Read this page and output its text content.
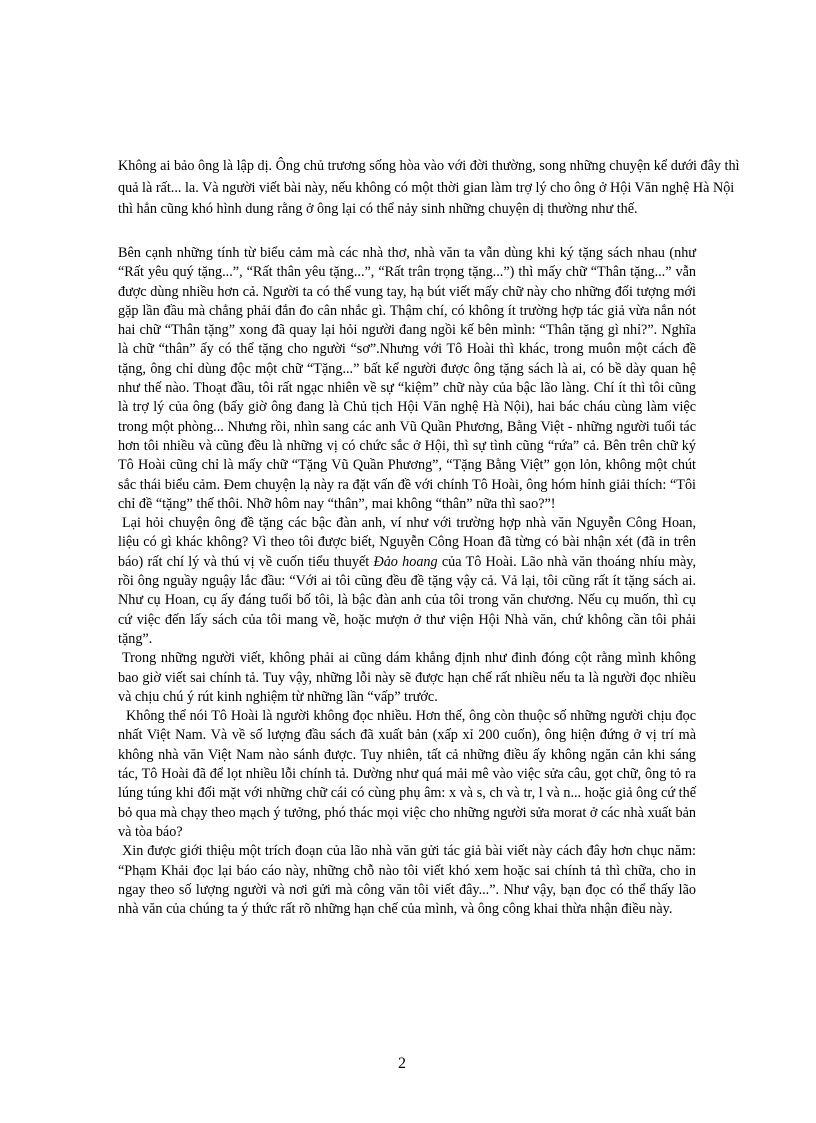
Không ai bảo ông là lập dị. Ông chủ trương sống hòa vào với đời thường, song những chuyện kể dưới đây thì
quả là rất... la. Và người viết bài này, nếu không có một thời gian làm trợ lý cho ông ở Hội Văn nghệ Hà Nội
thì hẳn cũng khó hình dung rằng ở ông lại có thể nảy sinh những chuyện dị thường như thế.

Bên cạnh những tính từ biểu cảm mà các nhà thơ, nhà văn ta vẫn dùng khi ký tặng sách nhau (như “Rất yêu quý tặng...”, “Rất thân yêu tặng...”, “Rất trân trọng tặng...”) thì mấy chữ “Thân tặng...” vẫn được dùng nhiều hơn cả. Người ta có thể vung tay, hạ bút viết mấy chữ này cho những đối tượng mới gặp lần đầu mà chẳng phải đắn đo cân nhắc gì. Thậm chí, có không ít trường hợp tác giả vừa nắn nót hai chữ “Thân tặng” xong đã quay lại hỏi người đang ngồi kế bên mình: “Thân tặng gì nhỉ?”. Nghĩa là chữ “thân” ấy có thể tặng cho người “sơ”.Nhưng với Tô Hoài thì khác, trong muôn một cách đề tặng, ông chỉ dùng độc một chữ “Tặng...” bất kể người được ông tặng sách là ai, có bề dày quan hệ như thế nào. Thoạt đầu, tôi rất ngạc nhiên về sự “kiệm” chữ này của bậc lão làng. Chí ít thì tôi cũng là trợ lý của ông (bấy giờ ông đang là Chủ tịch Hội Văn nghệ Hà Nội), hai bác cháu cùng làm việc trong một phòng... Nhưng rồi, nhìn sang các anh Vũ Quần Phương, Bằng Việt - những người tuổi tác hơn tôi nhiều và cũng đều là những vị có chức sắc ở Hội, thì sự tình cũng “rứa” cả. Bên trên chữ ký Tô Hoài cũng chỉ là mấy chữ “Tặng Vũ Quần Phương”, “Tặng Bằng Việt” gọn lỏn, không một chút sắc thái biểu cảm. Đem chuyện lạ này ra đặt vấn đề với chính Tô Hoài, ông hóm hỉnh giải thích: “Tôi chỉ đề “tặng” thế thôi. Nhỡ hôm nay “thân”, mai không “thân” nữa thì sao?”!

Lại hỏi chuyện ông đề tặng các bậc đàn anh, ví như với trường hợp nhà văn Nguyễn Công Hoan, liệu có gì khác không? Vì theo tôi được biết, Nguyễn Công Hoan đã từng có bài nhận xét (đã in trên báo) rất chí lý và thú vị về cuốn tiểu thuyết Đảo hoang của Tô Hoài. Lão nhà văn thoáng nhíu mày, rồi ông nguầy nguậy lắc đầu: “Với ai tôi cũng đều đề tặng vậy cả. Vả lại, tôi cũng rất ít tặng sách ai. Như cụ Hoan, cụ ấy đáng tuổi bố tôi, là bậc đàn anh của tôi trong văn chương. Nếu cụ muốn, thì cụ cứ việc đến lấy sách của tôi mang về, hoặc mượn ở thư viện Hội Nhà văn, chứ không cần tôi phải tặng”.

Trong những người viết, không phải ai cũng dám khẳng định như đinh đóng cột rằng mình không bao giờ viết sai chính tả. Tuy vậy, những lỗi này sẽ được hạn chế rất nhiều nếu ta là người đọc nhiều và chịu chú ý rút kinh nghiệm từ những lần “vấp” trước.

Không thể nói Tô Hoài là người không đọc nhiều. Hơn thế, ông còn thuộc số những người chịu đọc nhất Việt Nam. Và về số lượng đầu sách đã xuất bản (xấp xỉ 200 cuốn), ông hiện đứng ở vị trí mà không nhà văn Việt Nam nào sánh được. Tuy nhiên, tất cả những điều ấy không ngăn cản khi sáng tác, Tô Hoài đã để lọt nhiều lỗi chính tả. Dường như quá mải mê vào việc sửa câu, gọt chữ, ông tỏ ra lúng túng khi đối mặt với những chữ cái có cùng phụ âm: x và s, ch và tr, l và n... hoặc giả ông cứ thế bỏ qua mà chạy theo mạch ý tưởng, phó thác mọi việc cho những người sửa morat ở các nhà xuất bản và tòa báo?

Xin được giới thiệu một trích đoạn của lão nhà văn gửi tác giả bài viết này cách đây hơn chục năm: “Phạm Khải đọc lại báo cáo này, những chỗ nào tôi viết khó xem hoặc sai chính tả thì chữa, cho in ngay theo số lượng người và nơi gửi mà công văn tôi viết đây...”. Như vậy, bạn đọc có thể thấy lão nhà văn của chúng ta ý thức rất rõ những hạn chế của mình, và ông công khai thừa nhận điều này.

2
